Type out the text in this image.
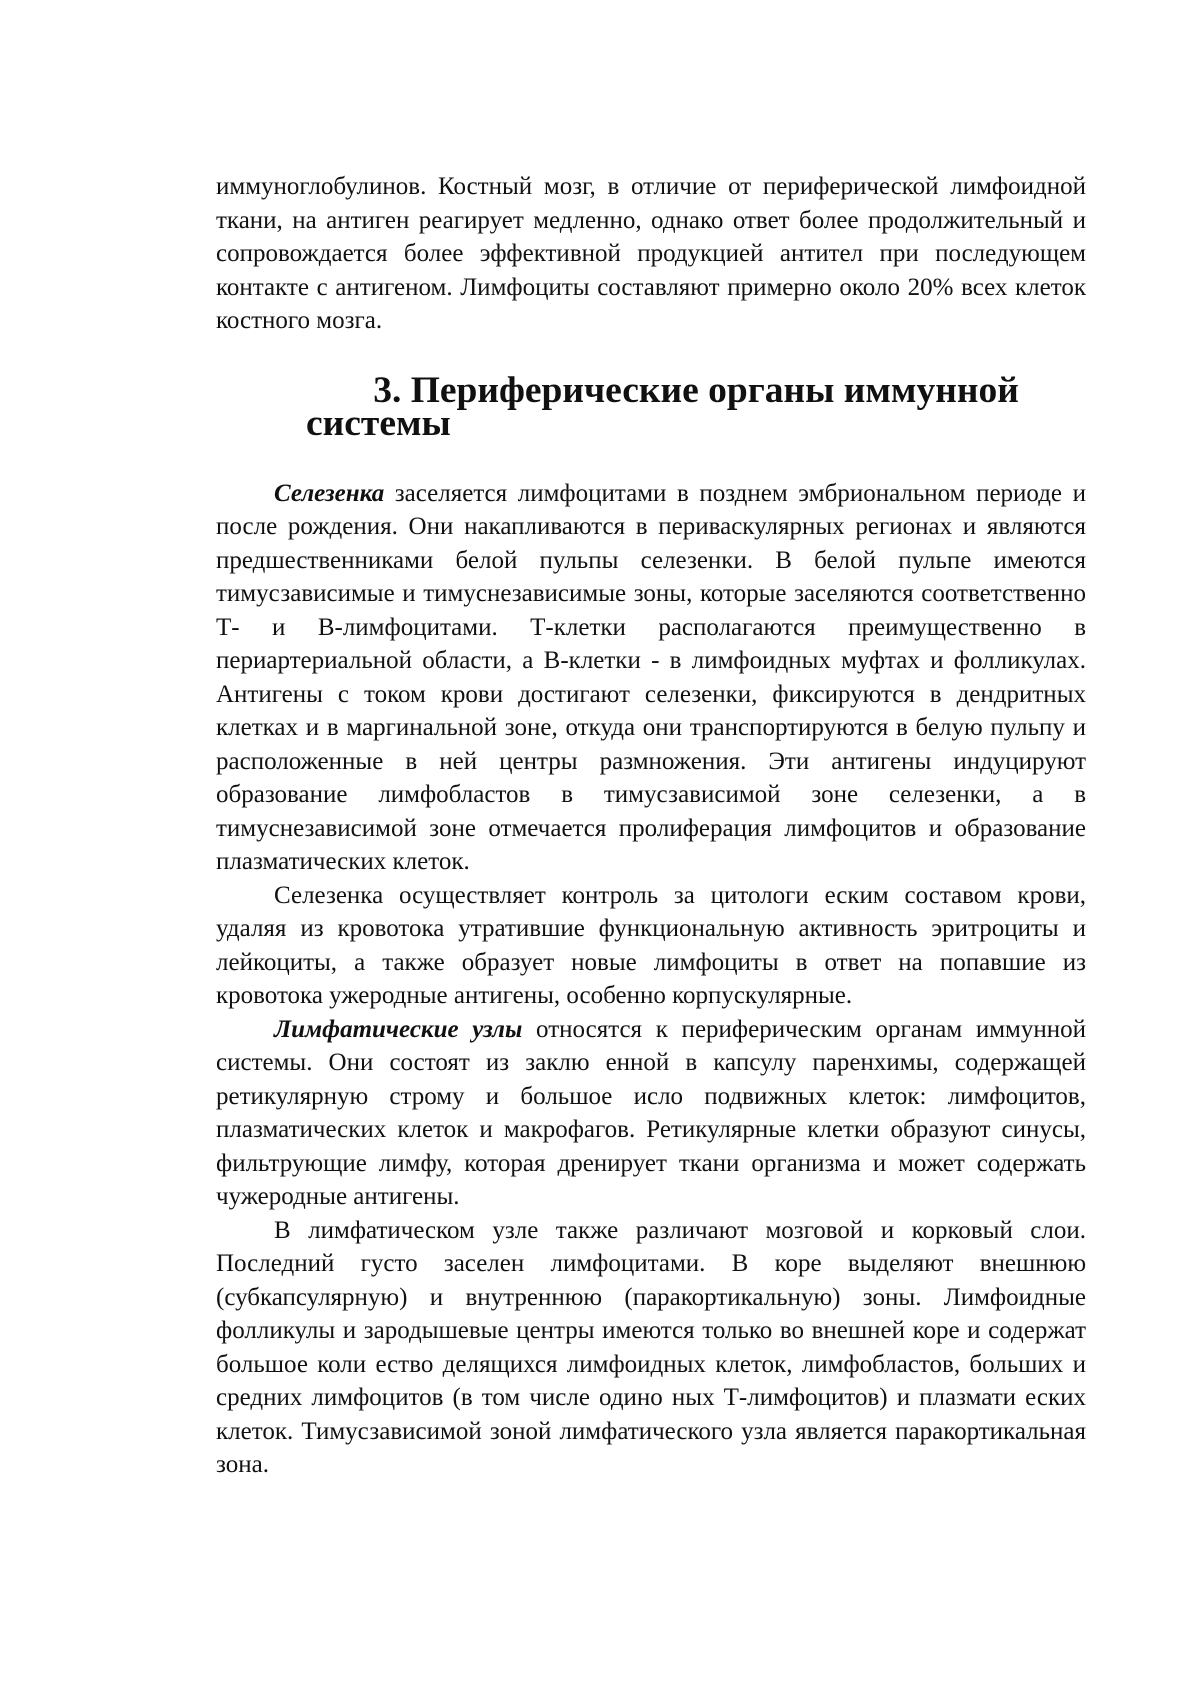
иммуноглобулинов. Костный мозг, в отличие от периферической лимфоидной ткани, на антиген реагирует медленно, однако ответ более продолжительный и сопровождается более эффективной продукцией антител при последующем контакте с антигеном. Лимфоциты составляют примерно около 20% всех клеток костного мозга.

3. Периферические органы иммунной системы

Селезенка заселяется лимфоцитами в позднем эмбриональном периоде и после рождения. Они накапливаются в периваскулярных регионах и являются предшественниками белой пульпы селезенки. В белой пульпе имеются тимусзависимые и тимуснезависимые зоны, которые заселяются соответственно Т- и В-лимфоцитами. Т-клетки располагаются преимущественно в периартериальной области, а В-клетки - в лимфоидных муфтах и фолликулах. Антигены с током крови достигают селезенки, фиксируются в дендритных клетках и в маргинальной зоне, откуда они транспортируются в белую пульпу и расположенные в ней центры размножения. Эти антигены индуцируют образование лимфобластов в тимусзависимой зоне селезенки, а в тимуснезависимой зоне отмечается пролиферация лимфоцитов и образование плазматических клеток.

Селезенка осуществляет контроль за цитологи еским составом крови, удаляя из кровотока утратившие функциональную активность эритроциты и лейкоциты, а также образует новые лимфоциты в ответ на попавшие из кровотока ужеродные антигены, особенно корпускулярные.

Лимфатические узлы относятся к периферическим органам иммунной системы. Они состоят из заклю енной в капсулу паренхимы, содержащей ретикулярную строму и большое исло подвижных клеток: лимфоцитов, плазматических клеток и макрофагов. Ретикулярные клетки образуют синусы, фильтрующие лимфу, которая дренирует ткани организма и может содержать чужеродные антигены.

В лимфатическом узле также различают мозговой и корковый слои. Последний густо заселен лимфоцитами. В коре выделяют внешнюю (субкапсулярную) и внутреннюю (паракортикальную) зоны. Лимфоидные фолликулы и зародышевые центры имеются только во внешней коре и содержат большое коли ество делящихся лимфоидных клеток, лимфобластов, больших и средних лимфоцитов (в том числе одино ных Т-лимфоцитов) и плазмати еских клеток. Тимусзависимой зоной лимфатического узла является паракортикальная зона.
